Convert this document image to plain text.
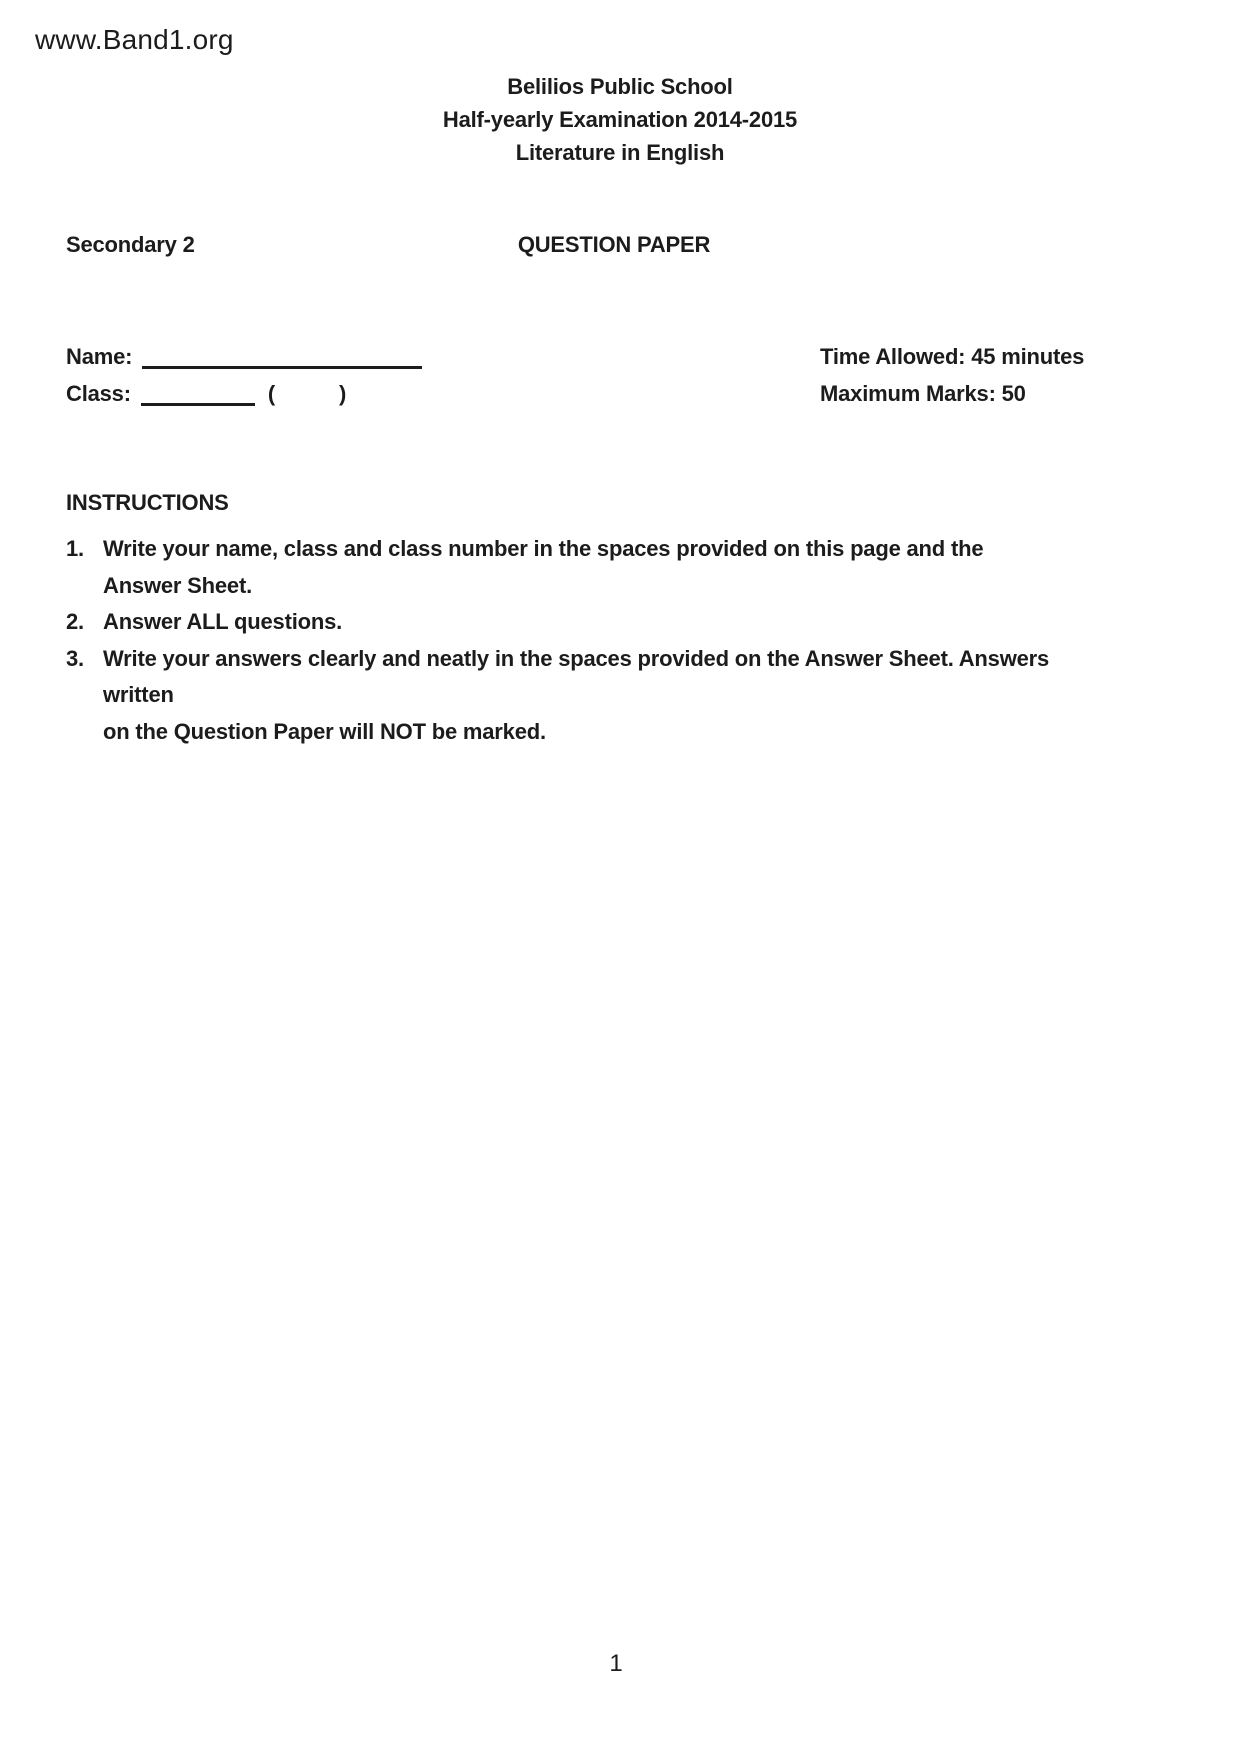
www.Band1.org
Belilios Public School
Half-yearly Examination 2014-2015
Literature in English
Secondary 2	QUESTION PAPER
Name:
Class:	(	)
Time Allowed: 45 minutes
Maximum Marks: 50
INSTRUCTIONS
1. Write your name, class and class number in the spaces provided on this page and the Answer Sheet.
2. Answer ALL questions.
3. Write your answers clearly and neatly in the spaces provided on the Answer Sheet. Answers written
on the Question Paper will NOT be marked.
1
